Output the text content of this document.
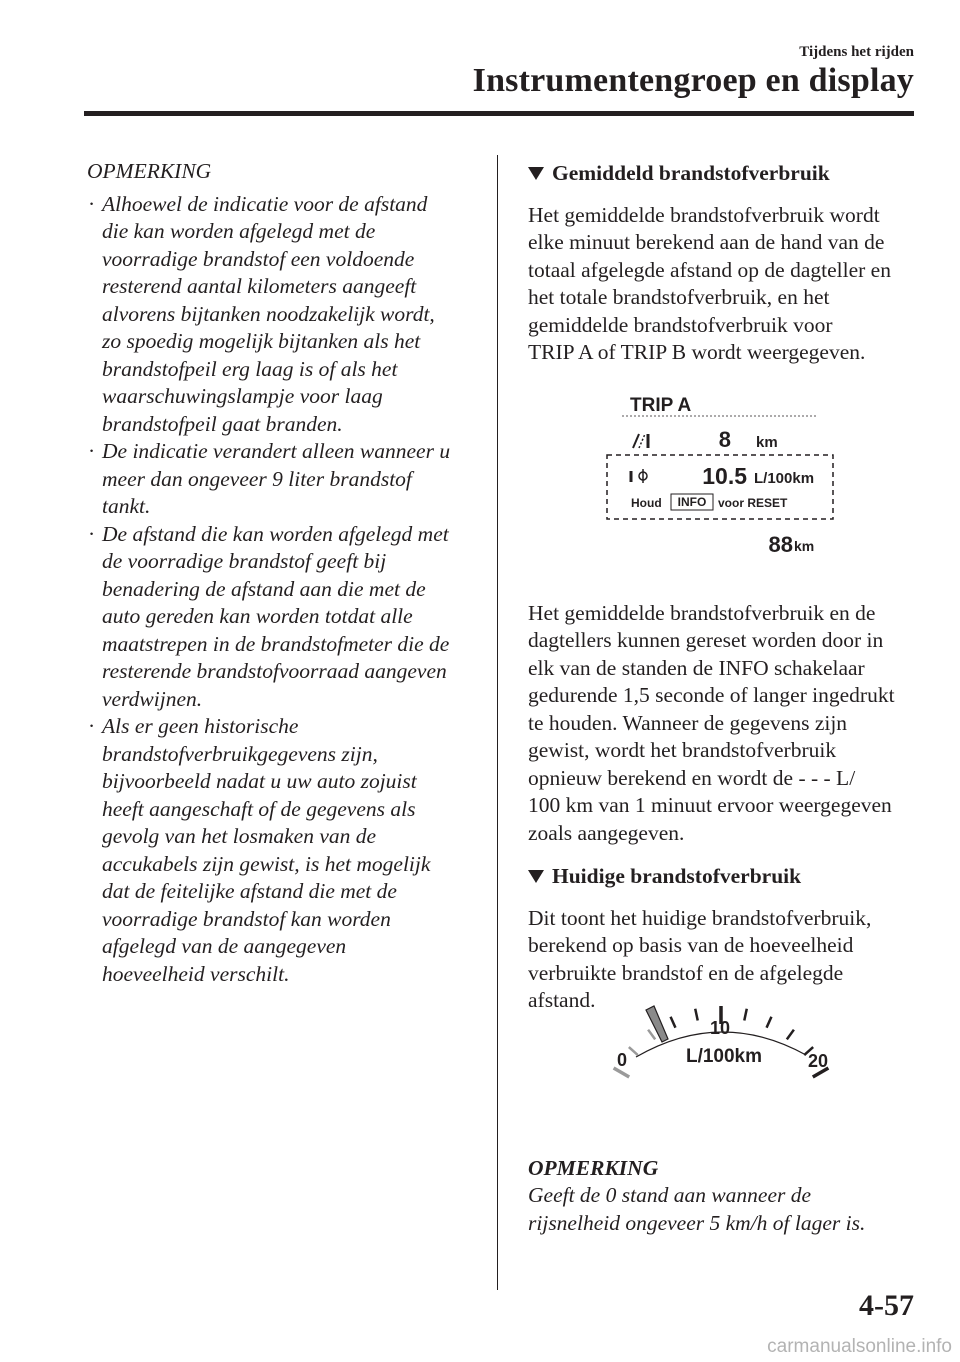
Tijdens het rijden
Instrumentengroep en display
OPMERKING
· Alhoewel de indicatie voor de afstand
die kan worden afgelegd met de
voorradige brandstof een voldoende
resterend aantal kilometers aangeeft
alvorens bijtanken noodzakelijk wordt,
zo spoedig mogelijk bijtanken als het
brandstofpeil erg laag is of als het
waarschuwingslampje voor laag
brandstofpeil gaat branden.
· De indicatie verandert alleen wanneer u
meer dan ongeveer 9 liter brandstof
tankt.
· De afstand die kan worden afgelegd met
de voorradige brandstof geeft bij
benadering de afstand aan die met de
auto gereden kan worden totdat alle
maatstrepen in de brandstofmeter die de
resterende brandstofvoorraad aangeven
verdwijnen.
· Als er geen historische
brandstofverbruikgegevens zijn,
bijvoorbeeld nadat u uw auto zojuist
heeft aangeschaft of de gegevens als
gevolg van het losmaken van de
accukabels zijn gewist, is het mogelijk
dat de feitelijke afstand die met de
voorradige brandstof kan worden
afgelegd van de aangegeven
hoeveelheid verschilt.
Gemiddeld brandstofverbruik
Het gemiddelde brandstofverbruik wordt
elke minuut berekend aan de hand van de
totaal afgelegde afstand op de dagteller en
het totale brandstofverbruik, en het
gemiddelde brandstofverbruik voor
TRIP A of TRIP B wordt weergegeven.
Het gemiddelde brandstofverbruik en de
dagtellers kunnen gereset worden door in
elk van de standen de INFO schakelaar
gedurende 1,5 seconde of langer ingedrukt
te houden. Wanneer de gegevens zijn
gewist, wordt het brandstofverbruik
opnieuw berekend en wordt de - - - L/
100 km van 1 minuut ervoor weergegeven
zoals aangegeven.
Huidige brandstofverbruik
Dit toont het huidige brandstofverbruik,
berekend op basis van de hoeveelheid
verbruikte brandstof en de afgelegde
afstand.
OPMERKING
Geeft de 0 stand aan wanneer de
rijsnelheid ongeveer 5 km/h of lager is.
TRIP A
8 km
10.5 L/100km
Houd INFO voor RESET
88 km
0
10
20
L/100km
4-57
carmanualsonline.info
